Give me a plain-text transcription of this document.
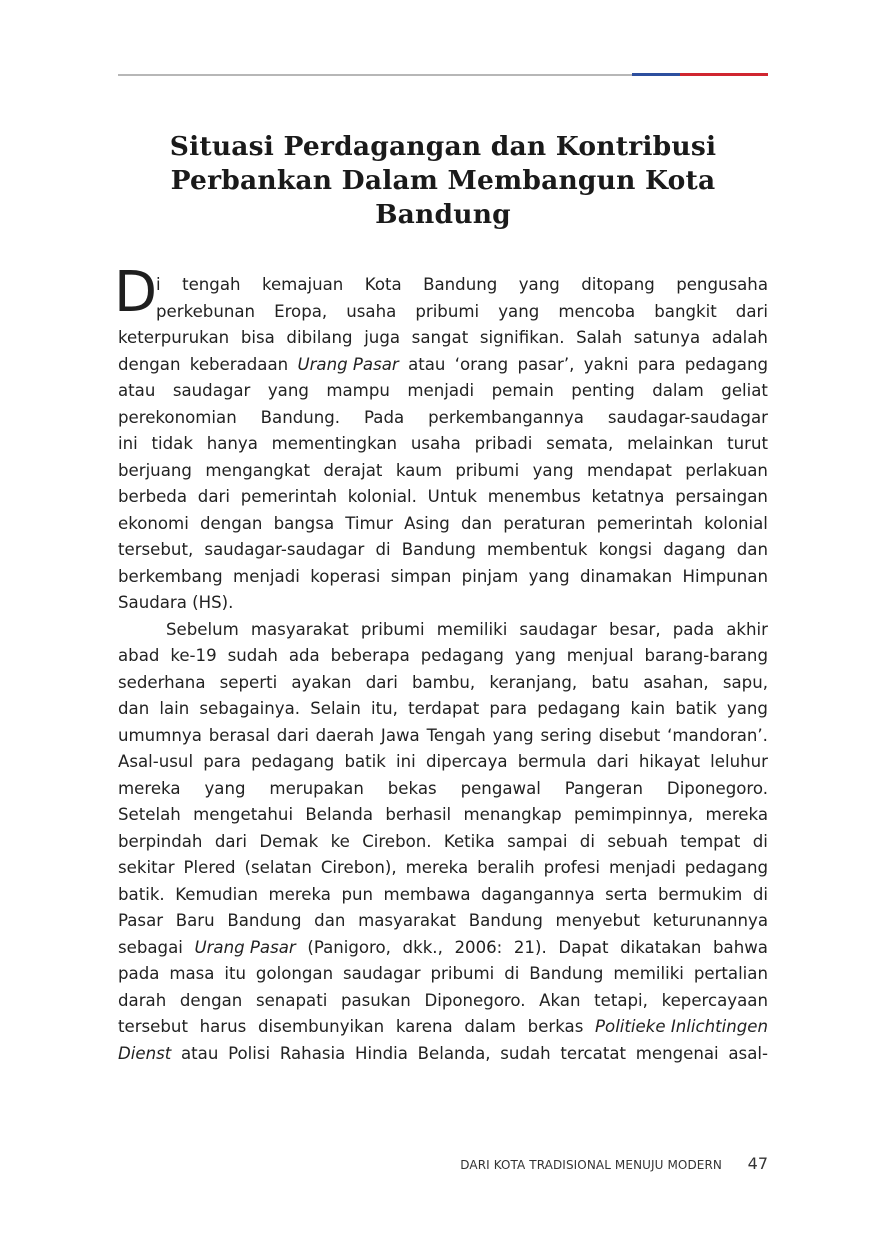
Situasi Perdagangan dan Kontribusi
Perbankan Dalam Membangun Kota
Bandung
D
i tengah kemajuan Kota Bandung yang ditopang pengusaha
perkebunan Eropa, usaha pribumi yang mencoba bangkit dari
keterpurukan bisa dibilang juga sangat signifikan. Salah satunya adalah
dengan keberadaan Urang Pasar atau ‘orang pasar’, yakni para pedagang
atau saudagar yang mampu menjadi pemain penting dalam geliat
perekonomian Bandung. Pada perkembangannya saudagar-saudagar
ini tidak hanya mementingkan usaha pribadi semata, melainkan turut
berjuang mengangkat derajat kaum pribumi yang mendapat perlakuan
berbeda dari pemerintah kolonial. Untuk menembus ketatnya persaingan
ekonomi dengan bangsa Timur Asing dan peraturan pemerintah kolonial
tersebut, saudagar-saudagar di Bandung membentuk kongsi dagang dan
berkembang menjadi koperasi simpan pinjam yang dinamakan Himpunan
Saudara (HS).
Sebelum masyarakat pribumi memiliki saudagar besar, pada akhir
abad ke-19 sudah ada beberapa pedagang yang menjual barang-barang
sederhana seperti ayakan dari bambu, keranjang, batu asahan, sapu,
dan lain sebagainya. Selain itu, terdapat para pedagang kain batik yang
umumnya berasal dari daerah Jawa Tengah yang sering disebut ‘mandoran’.
Asal-usul para pedagang batik ini dipercaya bermula dari hikayat leluhur
mereka yang merupakan bekas pengawal Pangeran Diponegoro.
Setelah mengetahui Belanda berhasil menangkap pemimpinnya, mereka
berpindah dari Demak ke Cirebon. Ketika sampai di sebuah tempat di
sekitar Plered (selatan Cirebon), mereka beralih profesi menjadi pedagang
batik. Kemudian mereka pun membawa dagangannya serta bermukim di
Pasar Baru Bandung dan masyarakat Bandung menyebut keturunannya
sebagai Urang Pasar (Panigoro, dkk., 2006: 21). Dapat dikatakan bahwa
pada masa itu golongan saudagar pribumi di Bandung memiliki pertalian
darah dengan senapati pasukan Diponegoro. Akan tetapi, kepercayaan
tersebut harus disembunyikan karena dalam berkas Politieke Inlichtingen
Dienst atau Polisi Rahasia Hindia Belanda, sudah tercatat mengenai asal-
DARI KOTA TRADISIONAL MENUJU MODERN 47
